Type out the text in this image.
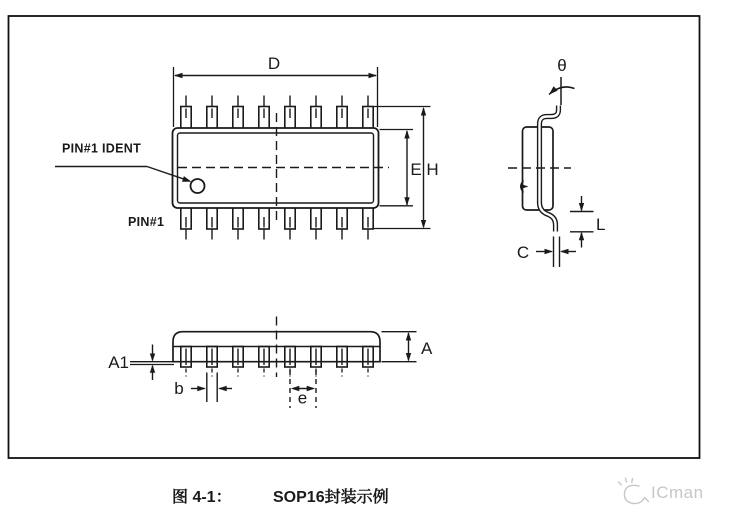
D
PIN#1 IDENT
PIN#1
E H
θ
L
C
A
A1
b	e
图 4-1：	SOP16封装示例	ICman
